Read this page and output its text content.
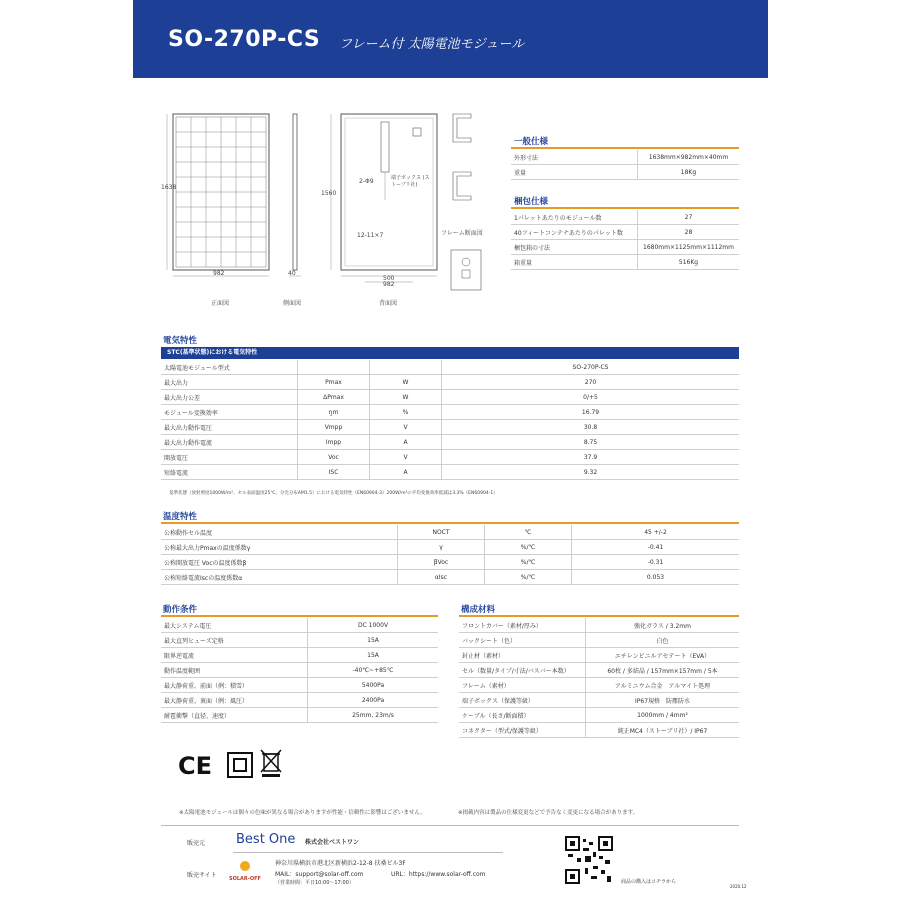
SO-270P-CS フレーム付 太陽電池モジュール
1638
982	40
500
982
1560
2-Φ9
12-11×7
端子ボックス (ストーブリ社)
正面図	側面図	背面図
フレーム断面図
一般仕様
外形寸法	1638mm×982mm×40mm
重量	18Kg
梱包仕様
1パレットあたりのモジュール数	27
40フィートコンテナあたりのパレット数	28
梱包箱の寸法	1680mm×1125mm×1112mm
箱重量	516Kg
電気特性
STC(基準状態)における電気特性
太陽電池モジュール型式			SO-270P-CS
最大出力	Pmax	W	270
最大出力公差	ΔPmax	W	0/+5
モジュール変換効率	ŋm	%	16.79
最大出力動作電圧	Vmpp	V	30.8
最大出力動作電流	Impp	A	8.75
開放電圧	Voc	V	37.9
短絡電流	ISC	A	9.32
基準状態（放射照度1000W/m²、セル表面温度25℃、分光分布AM1.5）における電気特性（EN60904-3）200W/m²の平均変換効率低減は3.3%（EN60904-1）
温度特性
公称動作セル温度	NOCT	℃	45 +/-2
公称最大出力Pmaxの温度係数γ	γ	%/℃	-0.41
公称開放電圧 Vocの温度係数β	βVoc	%/℃	-0.31
公称短絡電流Iscの温度係数α	αIsc	%/℃	0.053
動作条件
最大システム電圧	DC 1000V
最大直列ヒューズ定格	15A
限界逆電流	15A
動作温度範囲	-40℃~+85℃
最大静荷重、前面（例：積雪）	5400Pa
最大静荷重、裏面（例：風圧）	2400Pa
耐雹衝撃（直径、速度）	25mm, 23m/s
構成材料
フロントカバー（素材/厚み）	強化ガラス / 3.2mm
バックシート（色）	白色
封止材（素材）	エチレンビニルアセテート（EVA）
セル（数量/タイプ/寸法/バスバー本数）	60枚 / 多結晶 / 157mm×157mm / 5本
フレーム（素材）	アルミニウム合金　アルマイト処理
端子ボックス（保護等級）	IP67規格　防塵防水
ケーブル（長さ/断面積）	1000mm / 4mm²
コネクター（型式/保護等級）	純正MC4（ストーブリ社）/ IP67
CE
※太陽電池モジュールは個々の色味が異なる場合がありますが性能・信頼性に影響はございません。	※掲載内容は製品の仕様変更などで予告なく変更になる場合があります。
販売元 Best One 株式会社ベストワン
販売サイト SOLAR-OFF
神奈川県横浜市港北区新横浜2-12-8 扶桑ビル3F
MAIL：support@solar-off.com	URL：https://www.solar-off.com
（営業時間：平日10:00〜17:00）	商品の購入はコチラから
2020.12
